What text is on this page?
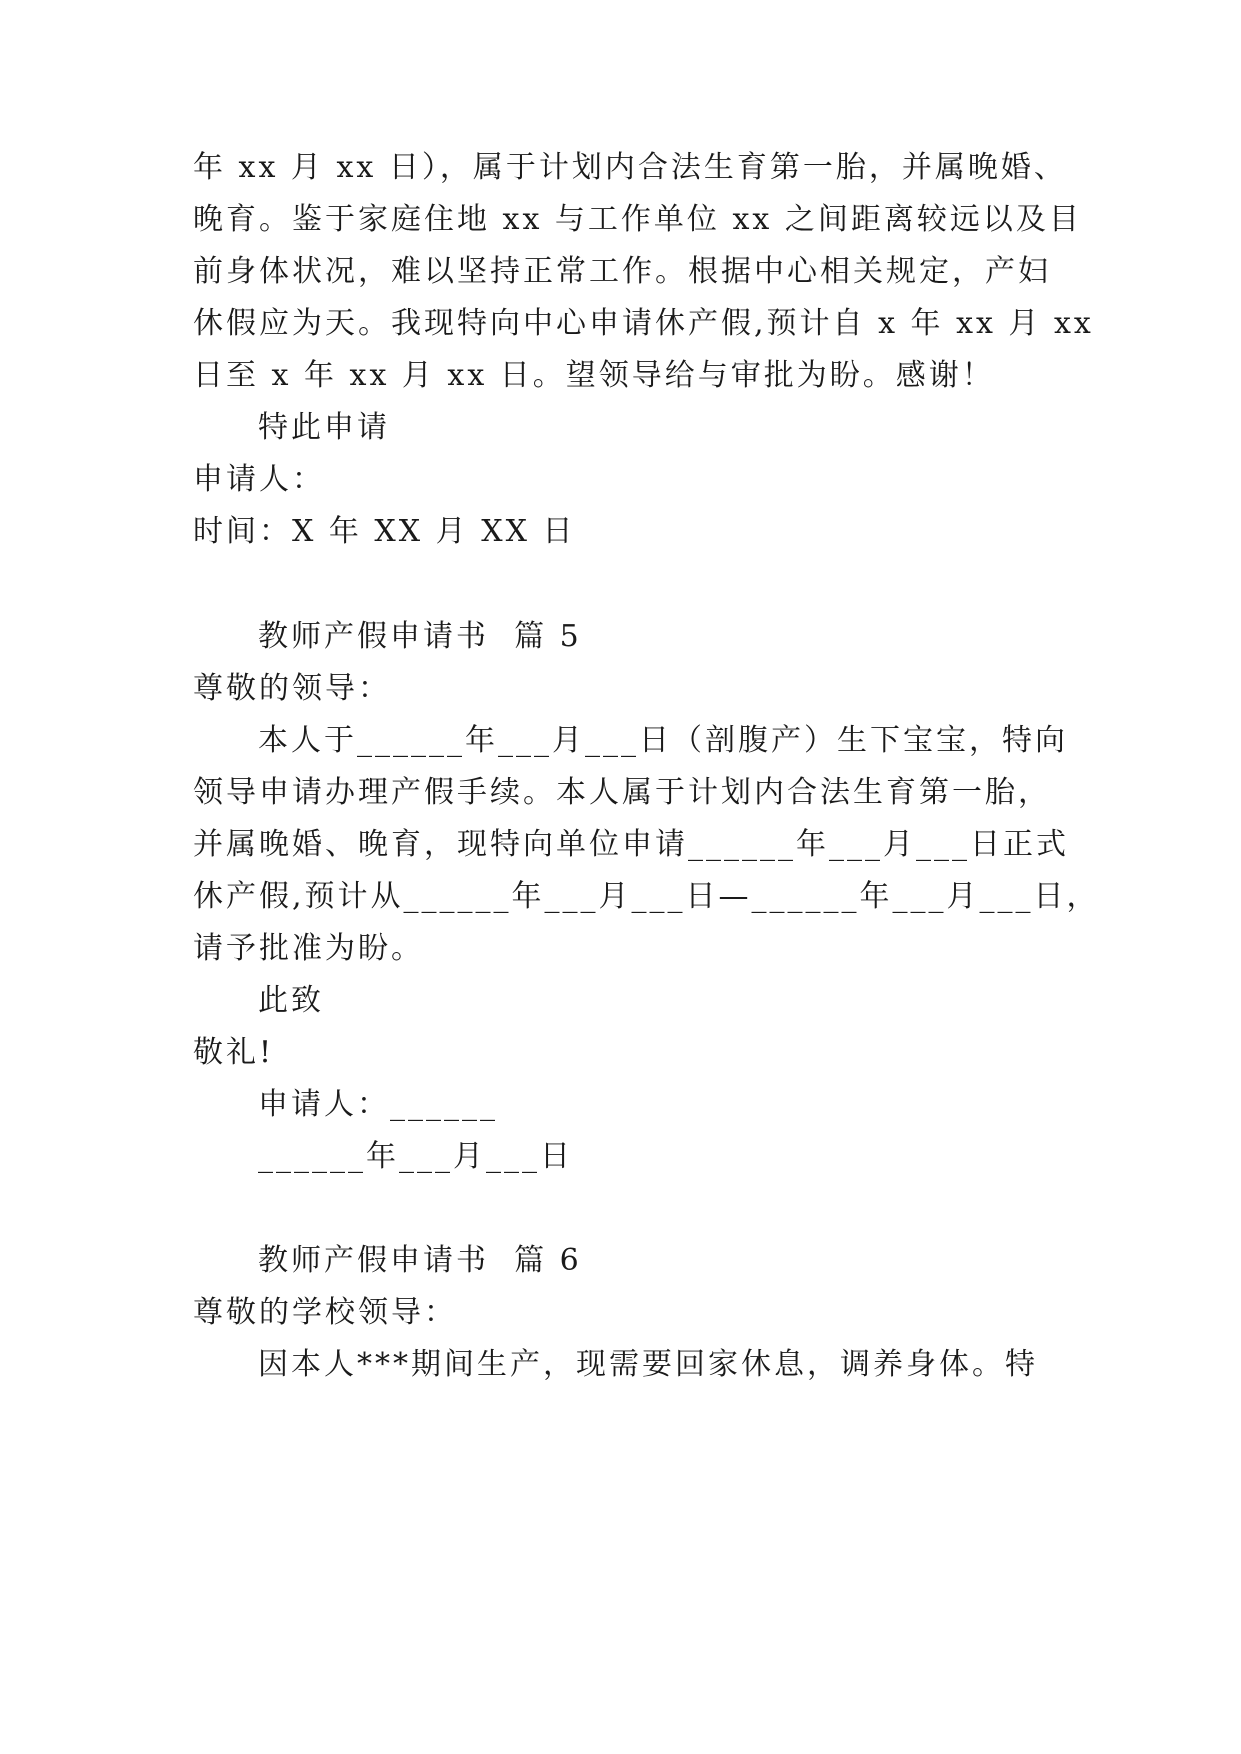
年 xx 月 xx 日），属于计划内合法生育第一胎，并属晚婚、
晚育。鉴于家庭住地 xx 与工作单位 xx 之间距离较远以及目
前身体状况，难以坚持正常工作。根据中心相关规定，产妇
休假应为天。我现特向中心申请休产假,预计自 x 年 xx 月 xx
日至 x 年 xx 月 xx 日。望领导给与审批为盼。感谢！
特此申请
申请人：
时间：X 年 XX 月 XX 日
教师产假申请书  篇 5
尊敬的领导：
本人于______年___月___日（剖腹产）生下宝宝，特向
领导申请办理产假手续。本人属于计划内合法生育第一胎，
并属晚婚、晚育，现特向单位申请______年___月___日正式
休产假,预计从______年___月___日—______年___月___日，
请予批准为盼。
此致
敬礼!
申请人：______
______年___月___日
教师产假申请书  篇 6
尊敬的学校领导：
因本人***期间生产，现需要回家休息，调养身体。特
